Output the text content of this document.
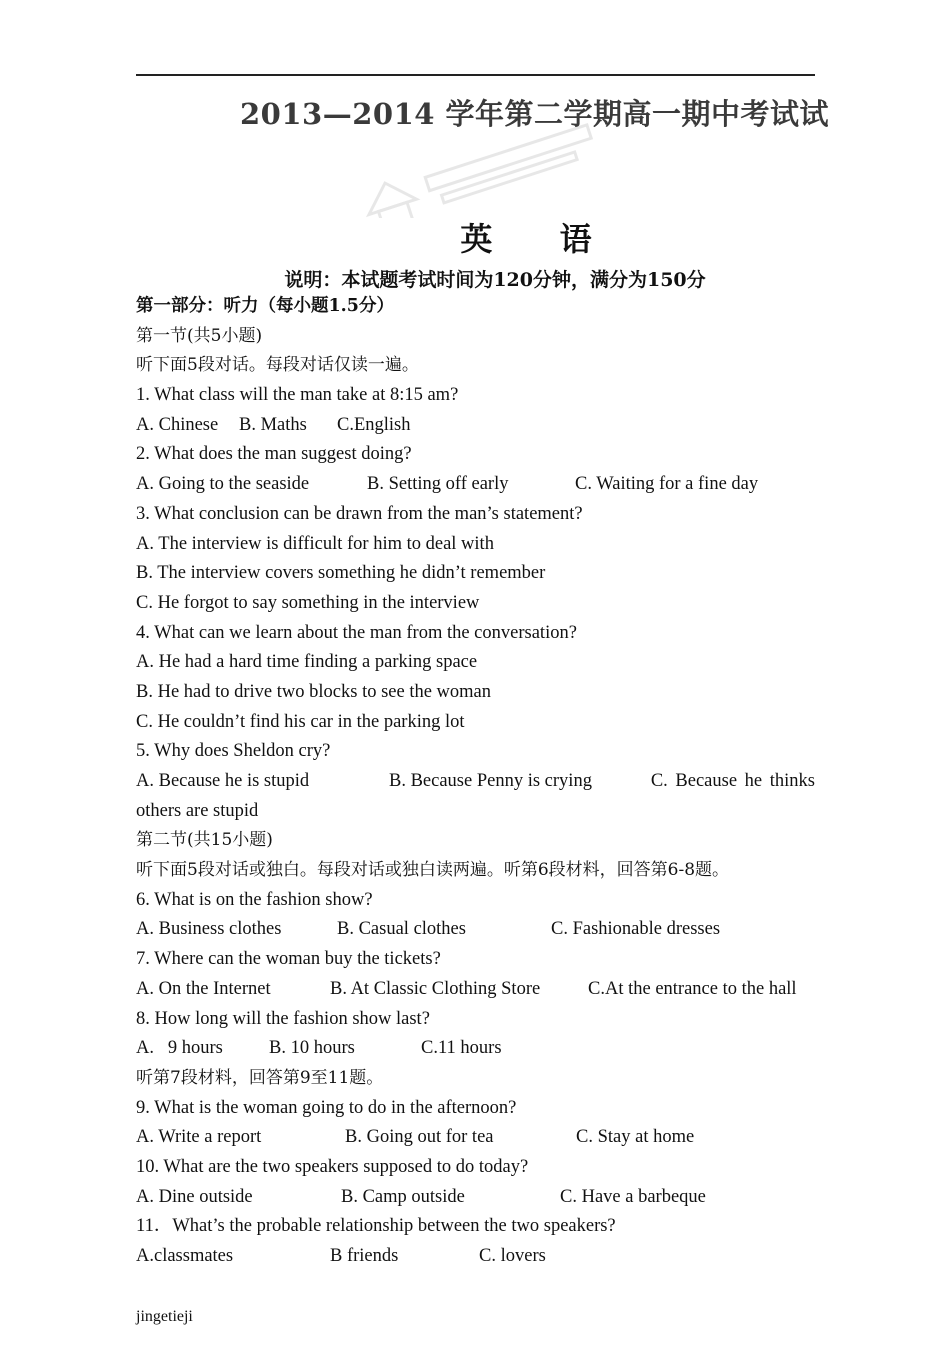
2013—2014 学年第二学期高一期中考试试
英 语
说明：本试题考试时间为120分钟，满分为150分
第一部分：听力（每小题1.5分）
第一节(共5小题)
听下面5段对话。每段对话仅读一遍。
1. What class will the man take at 8:15 am?
A. Chinese B. Maths C.English
2. What does the man suggest doing?
A. Going to the seaside	B. Setting off early	C. Waiting for a fine day
3. What conclusion can be drawn from the man’s statement?
A. The interview is difficult for him to deal with
B. The interview covers something he didn’t remember
C. He forgot to say something in the interview
4. What can we learn about the man from the conversation?
A. He had a hard time finding a parking space
B. He had to drive two blocks to see the woman
C. He couldn’t find his car in the parking lot
5. Why does Sheldon cry?
A. Because he is stupid	B. Because Penny is crying	C. Because he thinks
others are stupid
第二节(共15小题)
听下面5段对话或独白。每段对话或独白读两遍。听第6段材料，回答第6-8题。
6. What is on the fashion show?
A. Business clothes	B. Casual clothes	C. Fashionable dresses
7. Where can the woman buy the tickets?
A. On the Internet	B. At Classic Clothing Store	C.At the entrance to the hall
8. How long will the fashion show last?
A.   9 hours B. 10 hours	C.11 hours
听第7段材料，回答第9至11题。
9. What is the woman going to do in the afternoon?
A. Write a report	B. Going out for tea	C. Stay at home
10. What are the two speakers supposed to do today?
A. Dine outside	B. Camp outside	C. Have a barbeque
11．What’s the probable relationship between the two speakers?
A.classmates	B friends	C. lovers
jingetieji
